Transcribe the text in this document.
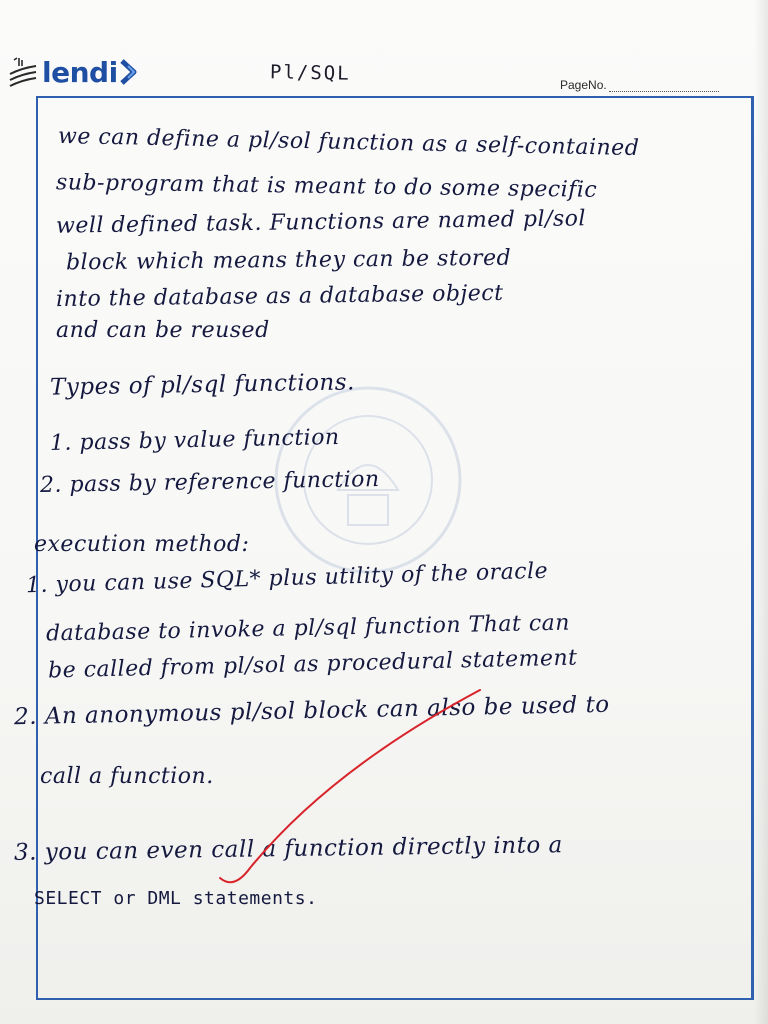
lendi	Pl/SQL
PageNo.
we can define a pl/sol function as a self-contained
sub-program that is meant to do some specific
well defined task. Functions are named pl/sol
block which means they can be stored
into the database as a database object
and can be reused
Types of pl/sql functions.
1. pass by value function
2. pass by reference function
execution method:
1. you can use SQL* plus utility of the oracle
database to invoke a pl/sql function That can
be called from pl/sol as procedural statement
2. An anonymous pl/sol block can also be used to
call a function.
3. you can even call a function directly into a
SELECT or DML statements.
